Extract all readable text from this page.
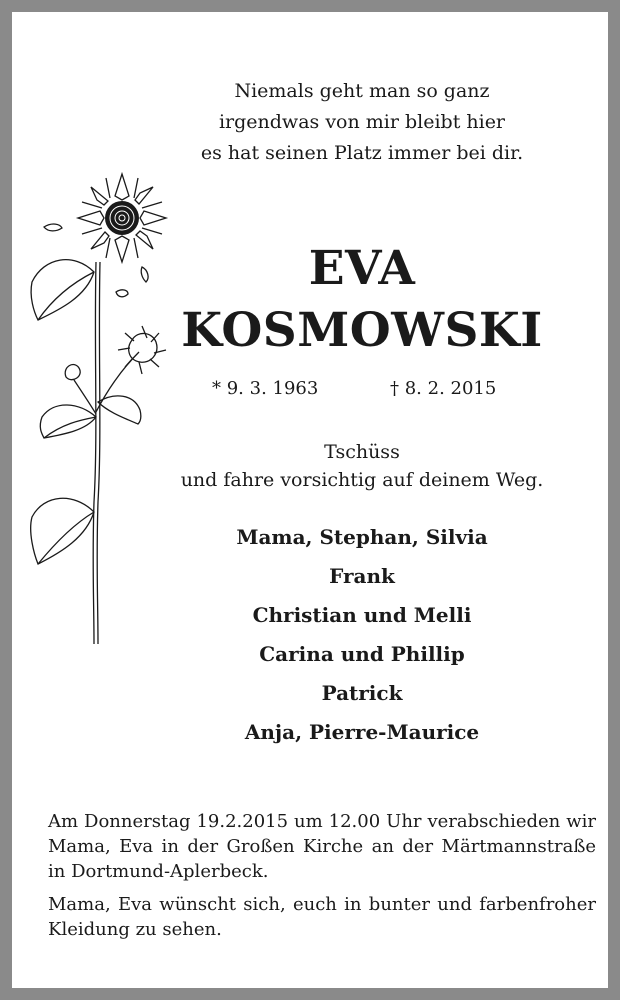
Niemals geht man so ganz
irgendwas von mir bleibt hier
es hat seinen Platz immer bei dir.
EVA
KOSMOWSKI
* 9. 3. 1963	† 8. 2. 2015
Tschüss
und fahre vorsichtig auf deinem Weg.
Mama, Stephan, Silvia
Frank
Christian und Melli
Carina und Phillip
Patrick
Anja, Pierre-Maurice

Am Donnerstag 19.2.2015 um 12.00 Uhr verabschieden wir Mama, Eva in der Großen Kirche an der Märtmannstraße in Dortmund-Aplerbeck.

Mama, Eva wünscht sich, euch in bunter und farbenfroher Kleidung zu sehen.
